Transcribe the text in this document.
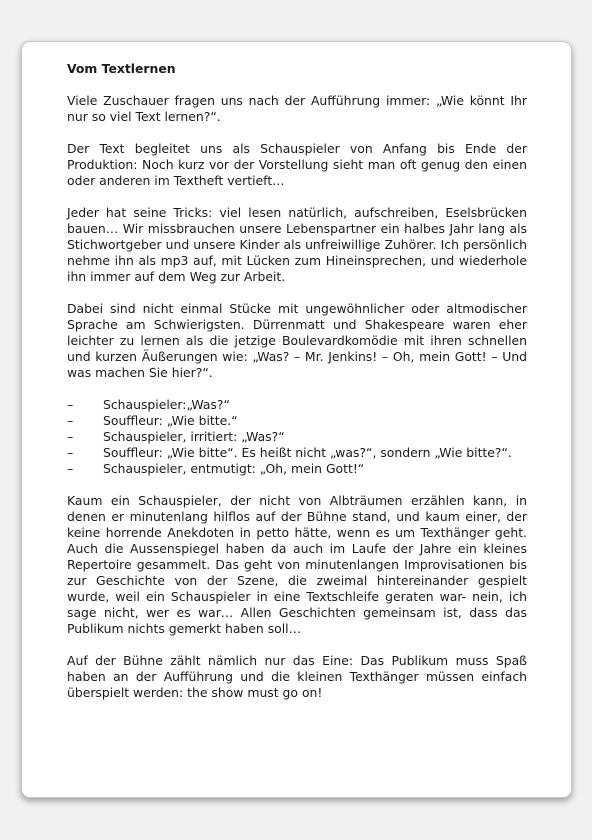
Vom Textlernen

Viele Zuschauer fragen uns nach der Aufführung immer: „Wie könnt Ihr nur so viel Text lernen?“.

Der Text begleitet uns als Schauspieler von Anfang bis Ende der Produktion: Noch kurz vor der Vorstellung sieht man oft genug den einen oder anderen im Textheft vertieft…

Jeder hat seine Tricks: viel lesen natürlich, aufschreiben, Eselsbrücken bauen… Wir missbrauchen unsere Lebenspartner ein halbes Jahr lang als Stichwortgeber und unsere Kinder als unfreiwillige Zuhörer. Ich persönlich nehme ihn als mp3 auf, mit Lücken zum Hineinsprechen, und wiederhole ihn immer auf dem Weg zur Arbeit.

Dabei sind nicht einmal Stücke mit ungewöhnlicher oder altmodischer Sprache am Schwierigsten. Dürrenmatt und Shakespeare waren eher leichter zu lernen als die jetzige Boulevardkomödie mit ihren schnellen und kurzen Äußerungen wie: „Was? – Mr. Jenkins! – Oh, mein Gott! – Und was machen Sie hier?“.

–	Schauspieler:„Was?“
–	Souffleur: „Wie bitte.“
–	Schauspieler, irritiert: „Was?“
–	Souffleur: „Wie bitte“. Es heißt nicht „was?“, sondern „Wie bitte?“.
–	Schauspieler, entmutigt: „Oh, mein Gott!“

Kaum ein Schauspieler, der nicht von Albträumen erzählen kann, in denen er minutenlang hilflos auf der Bühne stand, und kaum einer, der keine horrende Anekdoten in petto hätte, wenn es um Texthänger geht. Auch die Aussenspiegel haben da auch im Laufe der Jahre ein kleines Repertoire gesammelt. Das geht von minutenlangen Improvisationen bis zur Geschichte von der Szene, die zweimal hintereinander gespielt wurde, weil ein Schauspieler in eine Textschleife geraten war- nein, ich sage nicht, wer es war… Allen Geschichten gemeinsam ist, dass das Publikum nichts gemerkt haben soll…

Auf der Bühne zählt nämlich nur das Eine: Das Publikum muss Spaß haben an der Aufführung und die kleinen Texthänger müssen einfach überspielt werden: the show must go on!
